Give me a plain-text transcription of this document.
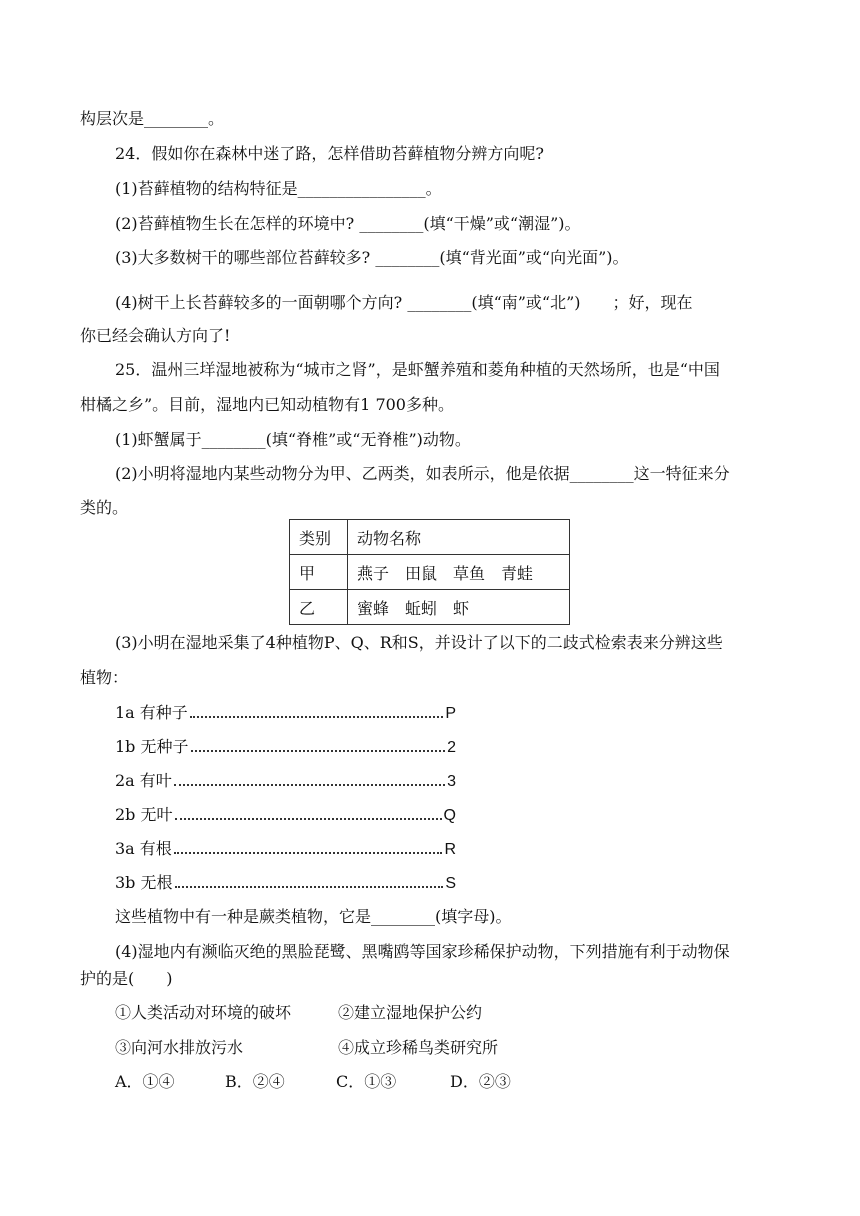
构层次是________。
24．假如你在森林中迷了路，怎样借助苔藓植物分辨方向呢?
(1)苔藓植物的结构特征是________________。
(2)苔藓植物生长在怎样的环境中? ________(填“干燥”或“潮湿”)。
(3)大多数树干的哪些部位苔藓较多? ________(填“背光面”或“向光面”)。
(4)树干上长苔藓较多的一面朝哪个方向? ________(填“南”或“北”)　　；好，现在
你已经会确认方向了!
25．温州三垟湿地被称为“城市之肾”，是虾蟹养殖和菱角种植的天然场所，也是“中国
柑橘之乡”。目前，湿地内已知动植物有1 700多种。
(1)虾蟹属于________(填“脊椎”或“无脊椎”)动物。
(2)小明将湿地内某些动物分为甲、乙两类，如表所示，他是依据________这一特征来分
类的。
类别	动物名称
甲	燕子　田鼠　草鱼　青蛙
乙	蜜蜂　蚯蚓　虾
(3)小明在湿地采集了4种植物P、Q、R和S，并设计了以下的二歧式检索表来分辨这些
植物：
1a 有种子	P
1b 无种子	2
2a 有叶	3
2b 无叶	Q
3a 有根	R
3b 无根	S
这些植物中有一种是蕨类植物，它是________(填字母)。
(4)湿地内有濒临灭绝的黑脸琵鹭、黑嘴鸥等国家珍稀保护动物，下列措施有利于动物保
护的是(　　)
①人类活动对环境的破坏	②建立湿地保护公约
③向河水排放污水	④成立珍稀鸟类研究所
A．①④	B．②④	C．①③	D．②③
